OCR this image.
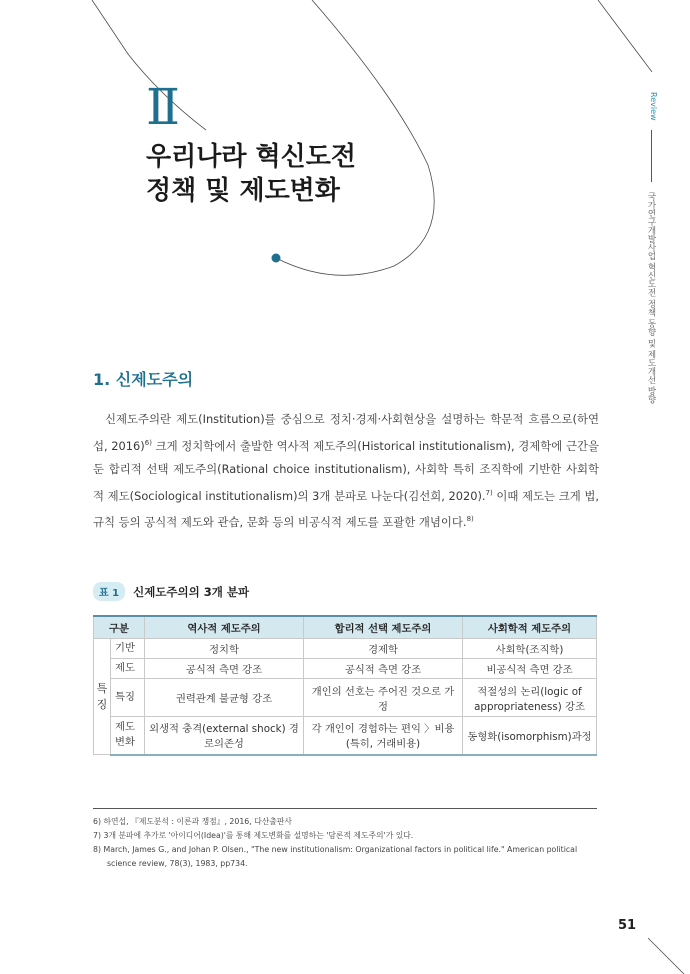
Ⅱ
우리나라 혁신도전
정책 및 제도변화
Review
국가연구개발사업 혁신도전 정책 동향 및 제도개선 방향
1. 신제도주의

신제도주의란 제도(Institution)를 중심으로 정치·경제·사회현상을 설명하는 학문적 흐름으로(하연섭, 2016)$^{6)}$ 크게 정치학에서 출발한 역사적 제도주의(Historical institutionalism), 경제학에 근간을 둔 합리적 선택 제도주의(Rational choice institutionalism), 사회학 특히 조직학에 기반한 사회학적 제도(Sociological institutionalism)의 3개 분파로 나눈다(김선희, 2020).$^{7)}$ 이때 제도는 크게 법, 규칙 등의 공식적 제도와 관습, 문화 등의 비공식적 제도를 포괄한 개념이다.$^{8)}$

표 1	신제도주의의 3개 분파
구분		역사적 제도주의	합리적 선택 제도주의	사회학적 제도주의
특징	기반	정치학	경제학	사회학(조직학)
	제도	공식적 측면 강조	공식적 측면 강조	비공식적 측면 강조
	특징	권력관계 불균형 강조	개인의 선호는 주어진 것으로 가정	적절성의 논리(logic of appropriateness) 강조
	제도 변화	외생적 충격(external shock) 경로의존성	각 개인이 경험하는 편익 〉비용(특히, 거래비용)	동형화(isomorphism)과정

6) 하연섭, 『제도분석 : 이론과 쟁점』, 2016, 다산출판사

7) 3개 분파에 추가로 '아이디어(Idea)'를 통해 제도변화를 설명하는 '담론적 제도주의'가 있다.

8) March, James G., and Johan P. Olsen., "The new institutionalism: Organizational factors in political life." American political science review, 78(3), 1983, pp734.

51
